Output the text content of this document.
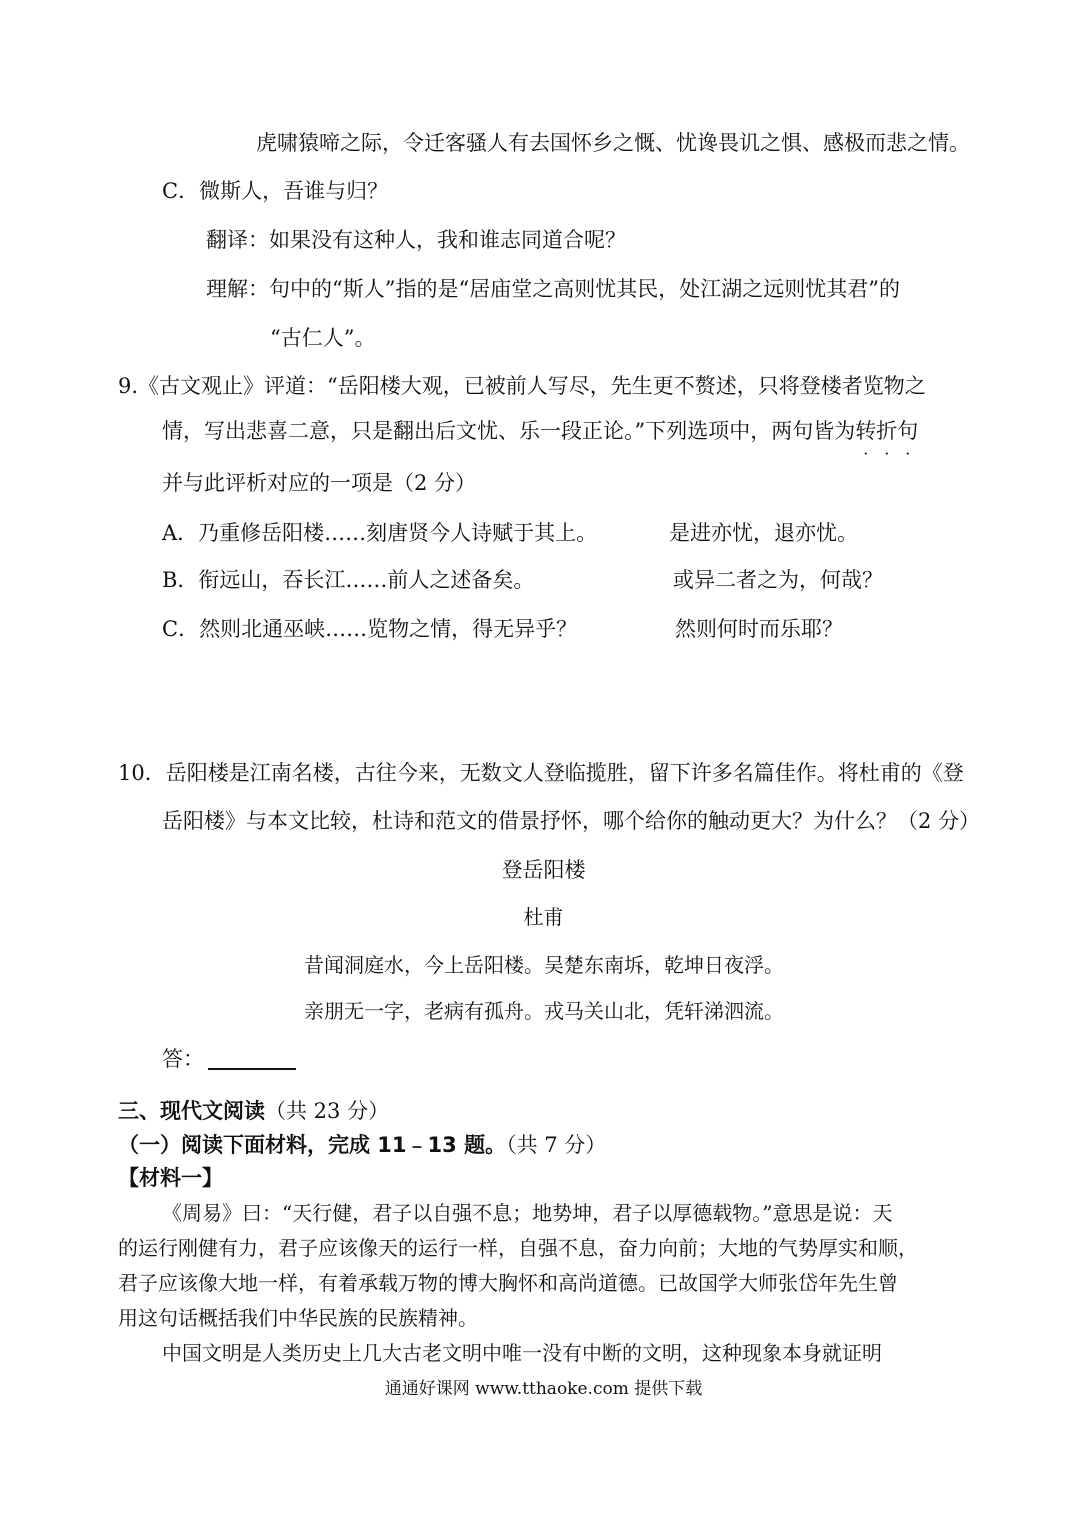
虎啸猿啼之际，令迁客骚人有去国怀乡之慨、忧谗畏讥之惧、感极而悲之情。
C．微斯人，吾谁与归？
翻译：如果没有这种人，我和谁志同道合呢？
理解：句中的“斯人”指的是“居庙堂之高则忧其民，处江湖之远则忧其君”的
“古仁人”。
9.《古文观止》评道：“岳阳楼大观，已被前人写尽，先生更不赘述，只将登楼者览物之
情，写出悲喜二意，只是翻出后文忧、乐一段正论。”下列选项中，两句皆为转折句
并与此评析对应的一项是（2 分）
A．乃重修岳阳楼……刻唐贤今人诗赋于其上。	是进亦忧，退亦忧。
B．衔远山，吞长江……前人之述备矣。	或异二者之为，何哉？
C．然则北通巫峡……览物之情，得无异乎？	然则何时而乐耶？
10．岳阳楼是江南名楼，古往今来，无数文人登临揽胜，留下许多名篇佳作。将杜甫的《登
岳阳楼》与本文比较，杜诗和范文的借景抒怀，哪个给你的触动更大？为什么？（2 分）
登岳阳楼
杜甫
昔闻洞庭水，今上岳阳楼。吴楚东南坼，乾坤日夜浮。
亲朋无一字，老病有孤舟。戎马关山北，凭轩涕泗流。
答：
三、现代文阅读（共 23 分）
（一）阅读下面材料，完成 11﹣13 题。（共 7 分）
【材料一】
《周易》曰：“天行健，君子以自强不息；地势坤，君子以厚德载物。”意思是说：天
的运行刚健有力，君子应该像天的运行一样，自强不息，奋力向前；大地的气势厚实和顺，
君子应该像大地一样，有着承载万物的博大胸怀和高尚道德。已故国学大师张岱年先生曾
用这句话概括我们中华民族的民族精神。
中国文明是人类历史上几大古老文明中唯一没有中断的文明，这种现象本身就证明
通通好课网 www.tthaoke.com 提供下载
